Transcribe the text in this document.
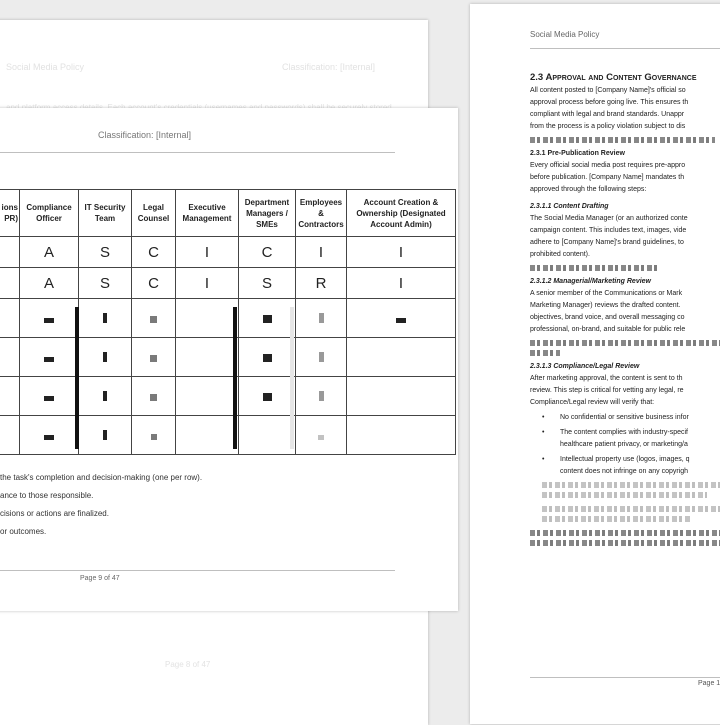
Social Media Policy	Classification: [Internal]
Page 8 of 47
Classification: [Internal]
ions
PR)	Compliance Officer	IT Security Team	Legal Counsel	Executive Management	Department Managers / SMEs	Employees & Contractors	Account Creation & Ownership (Designated Account Admin)
	A	S	C	I	C	I	I
	A	S	C	I	S	R	I

the task's completion and decision-making (one per row).
ance to those responsible.
cisions or actions are finalized.
or outcomes.
Page 9 of 47
Social Media Policy
2.3 Approval and Content Governance

All content posted to [Company Name]'s official so

approval process before going live. This ensures th

compliant with legal and brand standards. Unappr

from the process is a policy violation subject to dis

2.3.1 Pre-Publication Review

Every official social media post requires pre-appro

before publication. [Company Name] mandates th

approved through the following steps:

2.3.1.1 Content Drafting

The Social Media Manager (or an authorized conte

campaign content. This includes text, images, vide

adhere to [Company Name]'s brand guidelines, to

prohibited content).

2.3.1.2 Managerial/Marketing Review

A senior member of the Communications or Mark

Marketing Manager) reviews the drafted content.

objectives, brand voice, and overall messaging co

professional, on-brand, and suitable for public rele

2.3.1.3 Compliance/Legal Review

After marketing approval, the content is sent to th

review. This step is critical for vetting any legal, re

Compliance/Legal review will verify that:

• No confidential or sensitive business infor
• The content complies with industry-specif
healthcare patient privacy, or marketing/a
• Intellectual property use (logos, images, q
content does not infringe on any copyrigh
Page 1
